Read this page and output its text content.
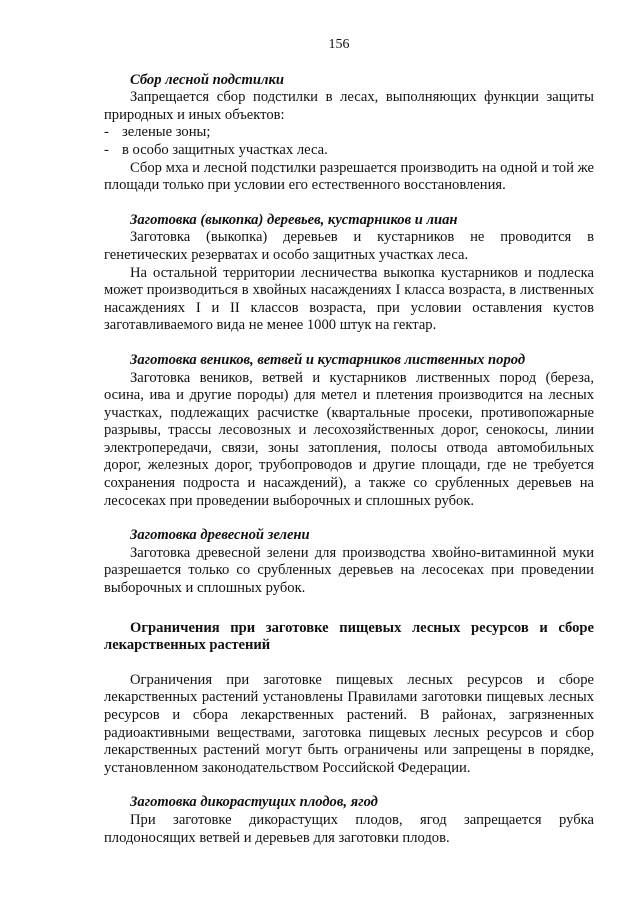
156

Сбор лесной подстилки

Запрещается сбор подстилки в лесах, выполняющих функции защиты природных и иных объектов:

- зеленые зоны;

- в особо защитных участках леса.

Сбор мха и лесной подстилки разрешается производить на одной и той же площади только при условии его естественного восстановления.

Заготовка (выкопка) деревьев, кустарников и лиан

Заготовка (выкопка) деревьев и кустарников не проводится в генетических резерватах и особо защитных участках леса.

На остальной территории лесничества выкопка кустарников и подлеска может производиться в хвойных насаждениях I класса возраста, в лиственных насаждениях I и II классов возраста, при условии оставления кустов заготавливаемого вида не менее 1000 штук на гектар.

Заготовка веников, ветвей и кустарников лиственных пород

Заготовка веников, ветвей и кустарников лиственных пород (береза, осина, ива и другие породы) для метел и плетения производится на лесных участках, подлежащих расчистке (квартальные просеки, противопожарные разрывы, трассы лесовозных и лесохозяйственных дорог, сенокосы, линии электропередачи, связи, зоны затопления, полосы отвода автомобильных дорог, железных дорог, трубопроводов и другие площади, где не требуется сохранения подроста и насаждений), а также со срубленных деревьев на лесосеках при проведении выборочных и сплошных рубок.

Заготовка древесной зелени

Заготовка древесной зелени для производства хвойно-витаминной муки разрешается только со срубленных деревьев на лесосеках при проведении выборочных и сплошных рубок.

Ограничения при заготовке пищевых лесных ресурсов и сборе лекарственных растений

Ограничения при заготовке пищевых лесных ресурсов и сборе лекарственных растений установлены Правилами заготовки пищевых лесных ресурсов и сбора лекарственных растений. В районах, загрязненных радиоактивными веществами, заготовка пищевых лесных ресурсов и сбор лекарственных растений могут быть ограничены или запрещены в порядке, установленном законодательством Российской Федерации.

Заготовка дикорастущих плодов, ягод

При заготовке дикорастущих плодов, ягод запрещается рубка плодоносящих ветвей и деревьев для заготовки плодов.
